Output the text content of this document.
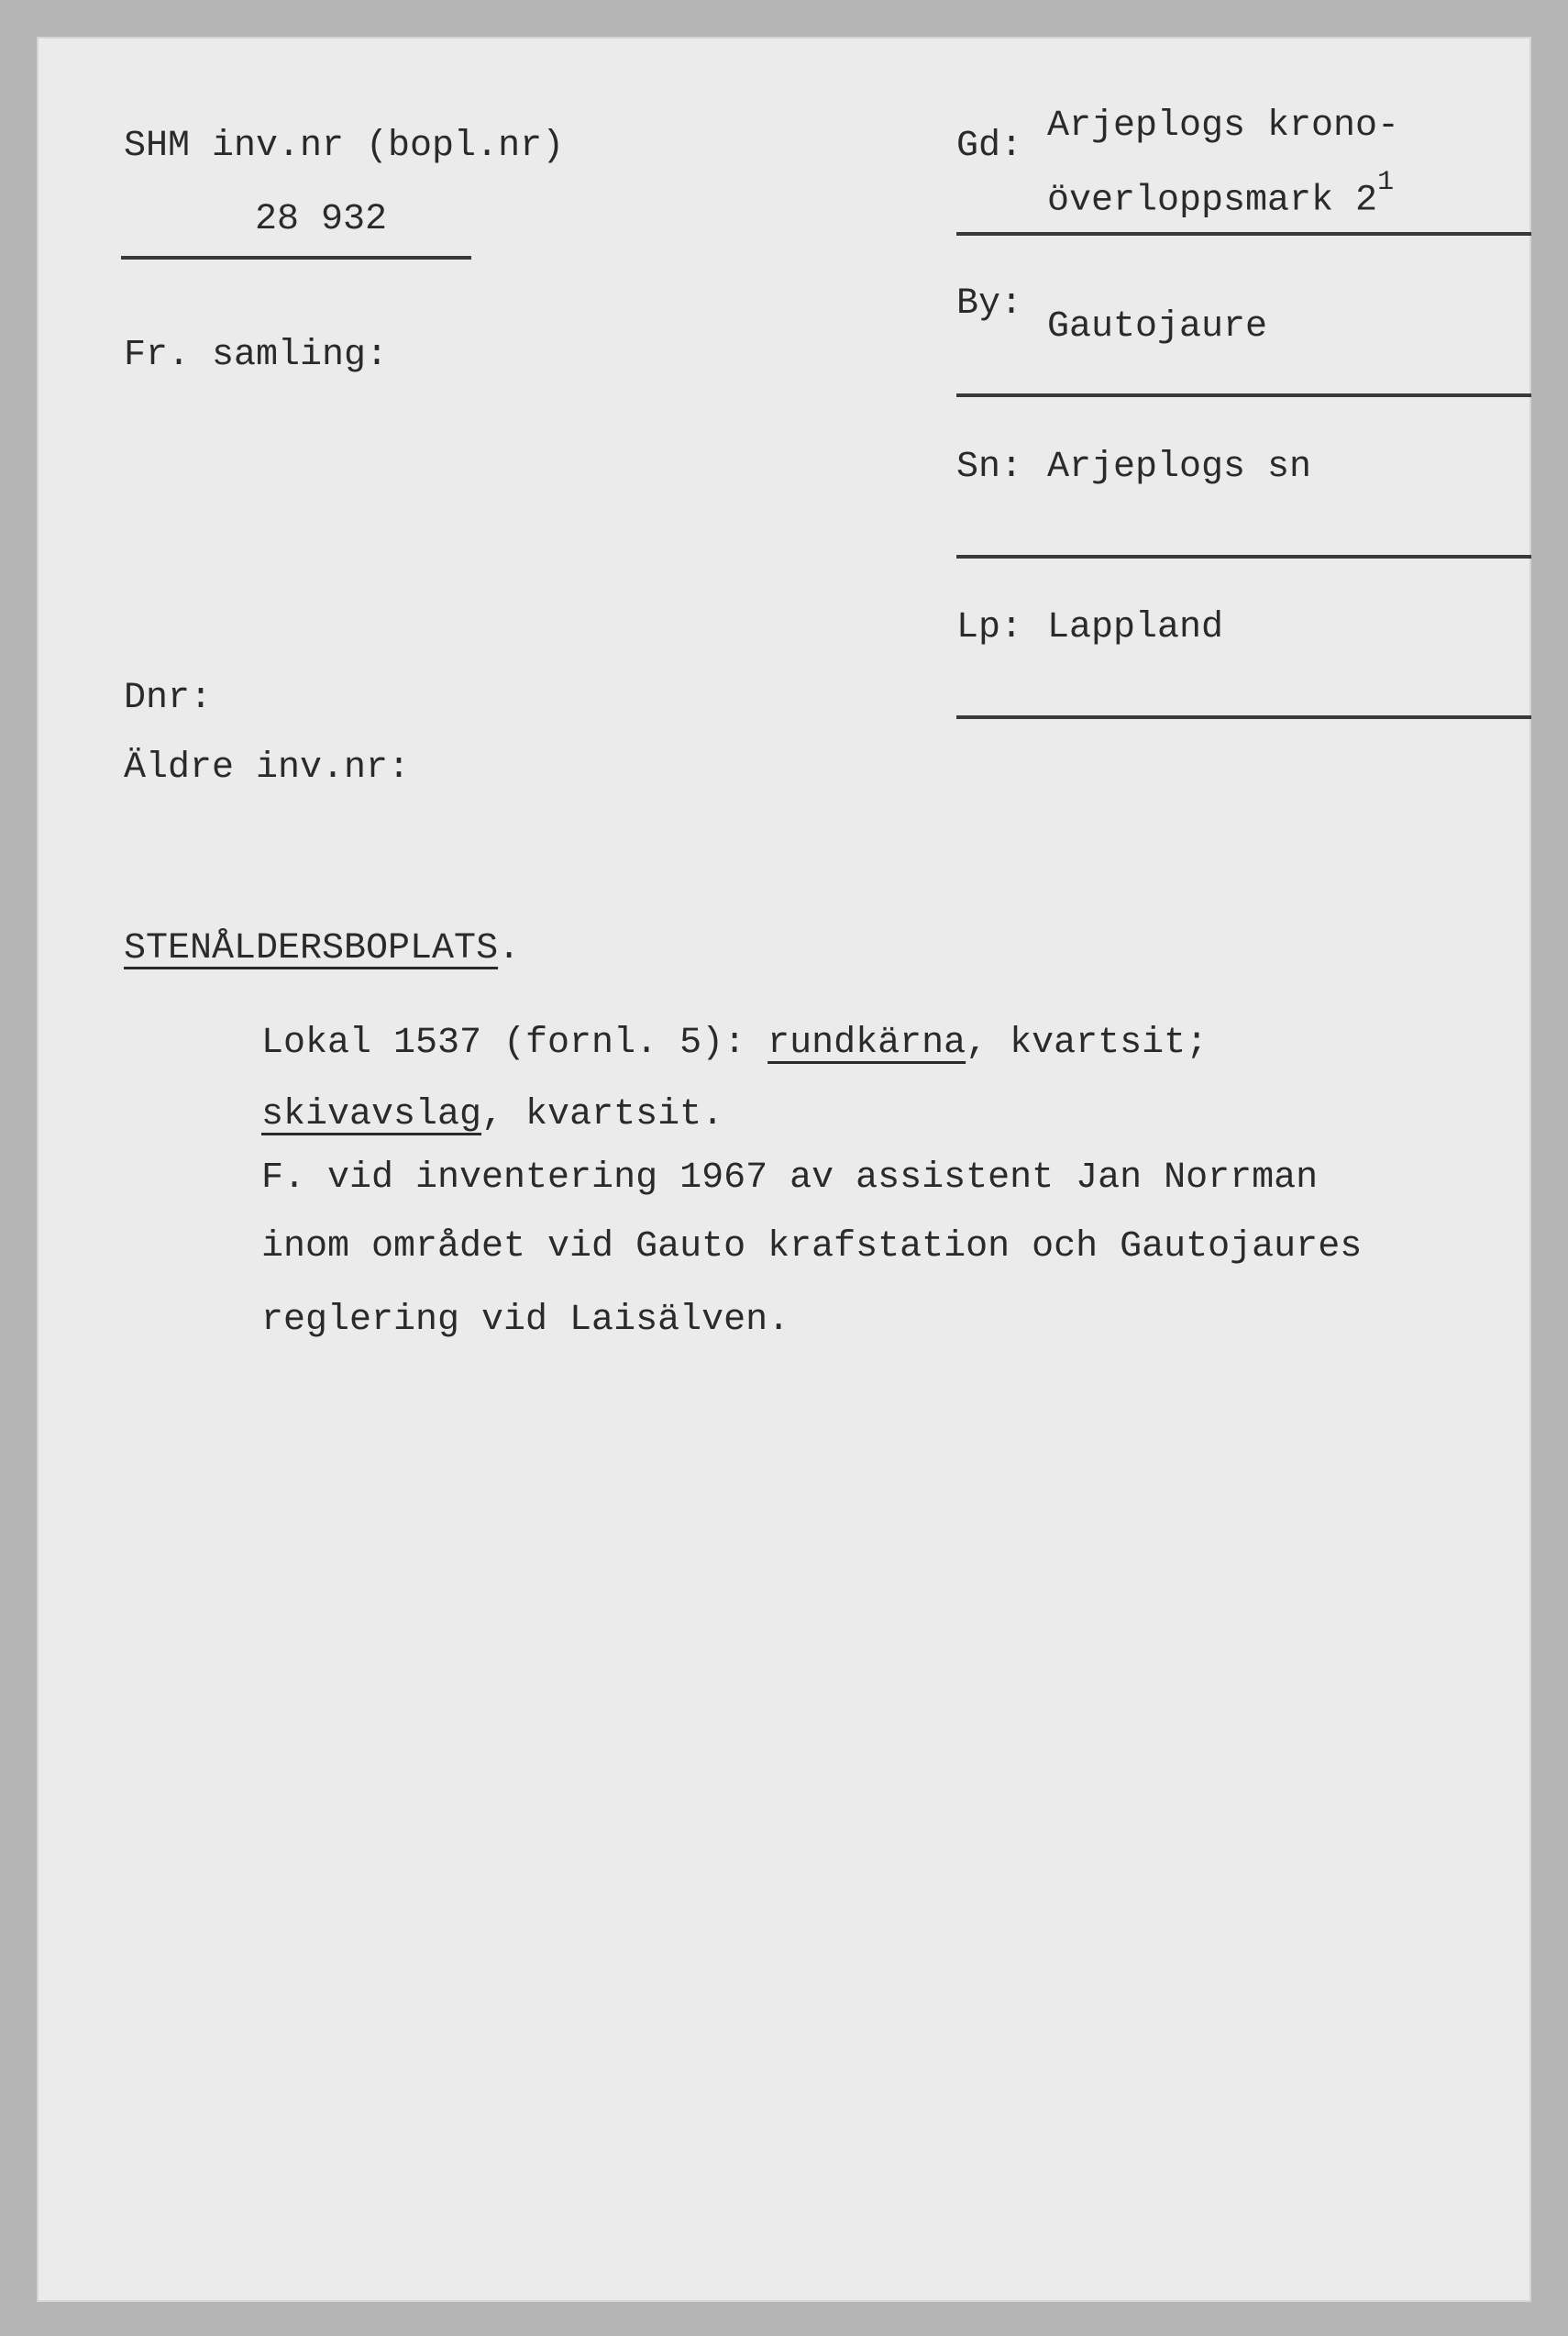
SHM inv.nr (bopl.nr)
28 932
Fr. samling:
Dnr:
Äldre inv.nr:
Gd: Arjeplogs krono-
överloppsmark $2^1$
By:
Gautojaure
Sn: Arjeplogs sn
Lp: Lappland
STENÅLDERSBOPLATS.
Lokal 1537 (fornl. 5): rundkärna, kvartsit;
skivavslag, kvartsit.
F. vid inventering 1967 av assistent Jan Norrman
inom området vid Gauto krafstation och Gautojaures
reglering vid Laisälven.
